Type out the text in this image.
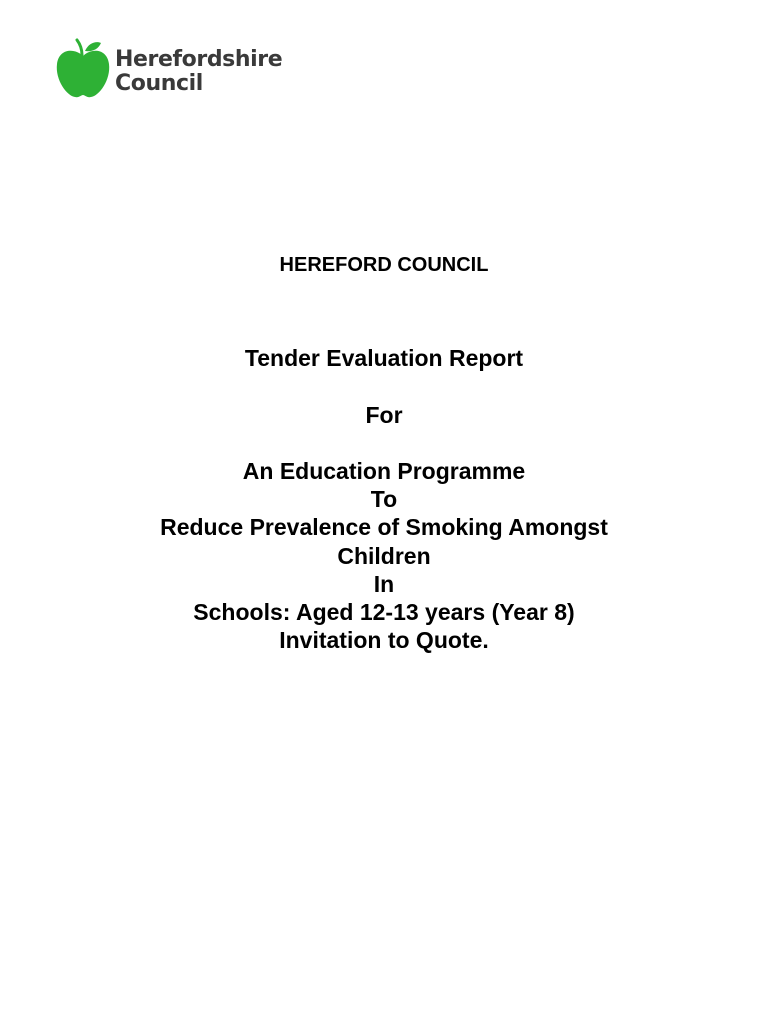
Herefordshire
Council
HEREFORD COUNCIL
Tender Evaluation Report
For
An Education Programme
To
Reduce Prevalence of Smoking Amongst
Children
In
Schools: Aged 12-13 years (Year 8)
Invitation to Quote.
